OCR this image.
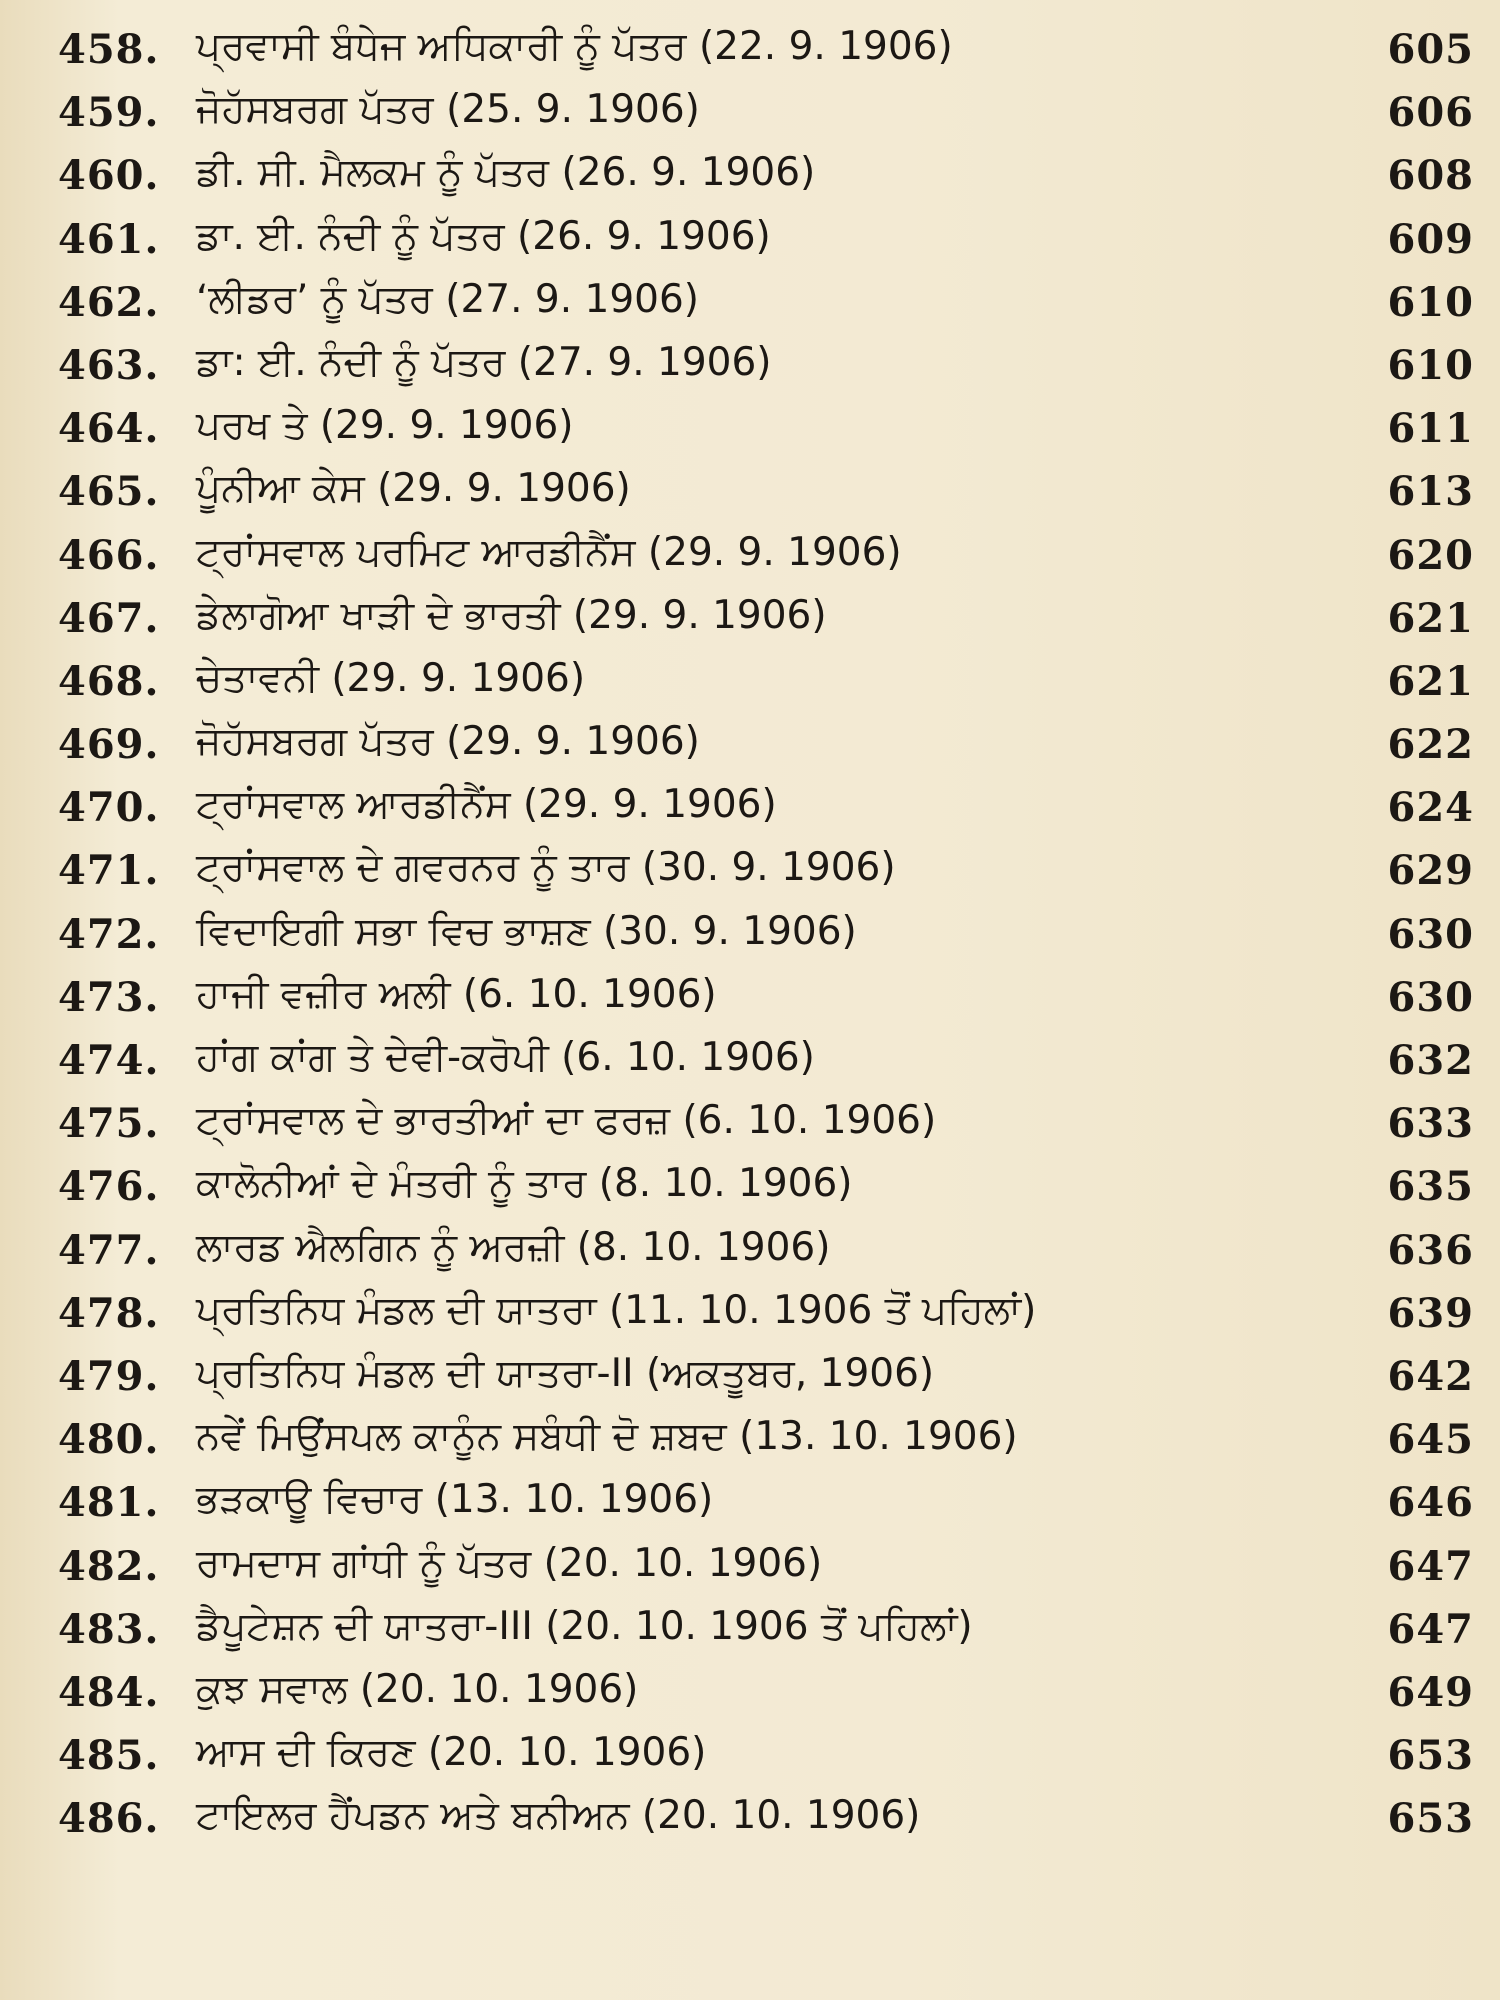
458. ਪ੍ਰਵਾਸੀ ਬੰਧੇਜ ਅਧਿਕਾਰੀ ਨੂੰ ਪੱਤਰ (22. 9. 1906)	605
459. ਜੋਹੱਸਬਰਗ ਪੱਤਰ (25. 9. 1906)	606
460. ਡੀ. ਸੀ. ਮੈਲਕਮ ਨੂੰ ਪੱਤਰ (26. 9. 1906)	608
461. ਡਾ. ਈ. ਨੰਦੀ ਨੂੰ ਪੱਤਰ (26. 9. 1906)	609
462. ‘ਲੀਡਰ’ ਨੂੰ ਪੱਤਰ (27. 9. 1906)	610
463. ਡਾ: ਈ. ਨੰਦੀ ਨੂੰ ਪੱਤਰ (27. 9. 1906)	610
464. ਪਰਖ ਤੇ (29. 9. 1906)	611
465. ਪੂੰਨੀਆ ਕੇਸ (29. 9. 1906)	613
466. ਟ੍ਰਾਂਸਵਾਲ ਪਰਮਿਟ ਆਰਡੀਨੈਂਸ (29. 9. 1906)	620
467. ਡੇਲਾਗੋਆ ਖਾੜੀ ਦੇ ਭਾਰਤੀ (29. 9. 1906)	621
468. ਚੇਤਾਵਨੀ (29. 9. 1906)	621
469. ਜੋਹੱਸਬਰਗ ਪੱਤਰ (29. 9. 1906)	622
470. ਟ੍ਰਾਂਸਵਾਲ ਆਰਡੀਨੈਂਸ (29. 9. 1906)	624
471. ਟ੍ਰਾਂਸਵਾਲ ਦੇ ਗਵਰਨਰ ਨੂੰ ਤਾਰ (30. 9. 1906)	629
472. ਵਿਦਾਇਗੀ ਸਭਾ ਵਿਚ ਭਾਸ਼ਣ (30. 9. 1906)	630
473. ਹਾਜੀ ਵਜ਼ੀਰ ਅਲੀ (6. 10. 1906)	630
474. ਹਾਂਗ ਕਾਂਗ ਤੇ ਦੇਵੀ-ਕਰੋਪੀ (6. 10. 1906)	632
475. ਟ੍ਰਾਂਸਵਾਲ ਦੇ ਭਾਰਤੀਆਂ ਦਾ ਫਰਜ਼ (6. 10. 1906)	633
476. ਕਾਲੋਨੀਆਂ ਦੇ ਮੰਤਰੀ ਨੂੰ ਤਾਰ (8. 10. 1906)	635
477. ਲਾਰਡ ਐਲਗਿਨ ਨੂੰ ਅਰਜ਼ੀ (8. 10. 1906)	636
478. ਪ੍ਰਤਿਨਿਧ ਮੰਡਲ ਦੀ ਯਾਤਰਾ (11. 10. 1906 ਤੋਂ ਪਹਿਲਾਂ)	639
479. ਪ੍ਰਤਿਨਿਧ ਮੰਡਲ ਦੀ ਯਾਤਰਾ-II (ਅਕਤੂਬਰ, 1906)	642
480. ਨਵੇਂ ਮਿਉਂਸਪਲ ਕਾਨੂੰਨ ਸਬੰਧੀ ਦੋ ਸ਼ਬਦ (13. 10. 1906)	645
481. ਭੜਕਾਊ ਵਿਚਾਰ (13. 10. 1906)	646
482. ਰਾਮਦਾਸ ਗਾਂਧੀ ਨੂੰ ਪੱਤਰ (20. 10. 1906)	647
483. ਡੈਪੂਟੇਸ਼ਨ ਦੀ ਯਾਤਰਾ-III (20. 10. 1906 ਤੋਂ ਪਹਿਲਾਂ)	647
484. ਕੁਝ ਸਵਾਲ (20. 10. 1906)	649
485. ਆਸ ਦੀ ਕਿਰਣ (20. 10. 1906)	653
486. ਟਾਇਲਰ ਹੈਂਪਡਨ ਅਤੇ ਬਨੀਅਨ (20. 10. 1906)	653
